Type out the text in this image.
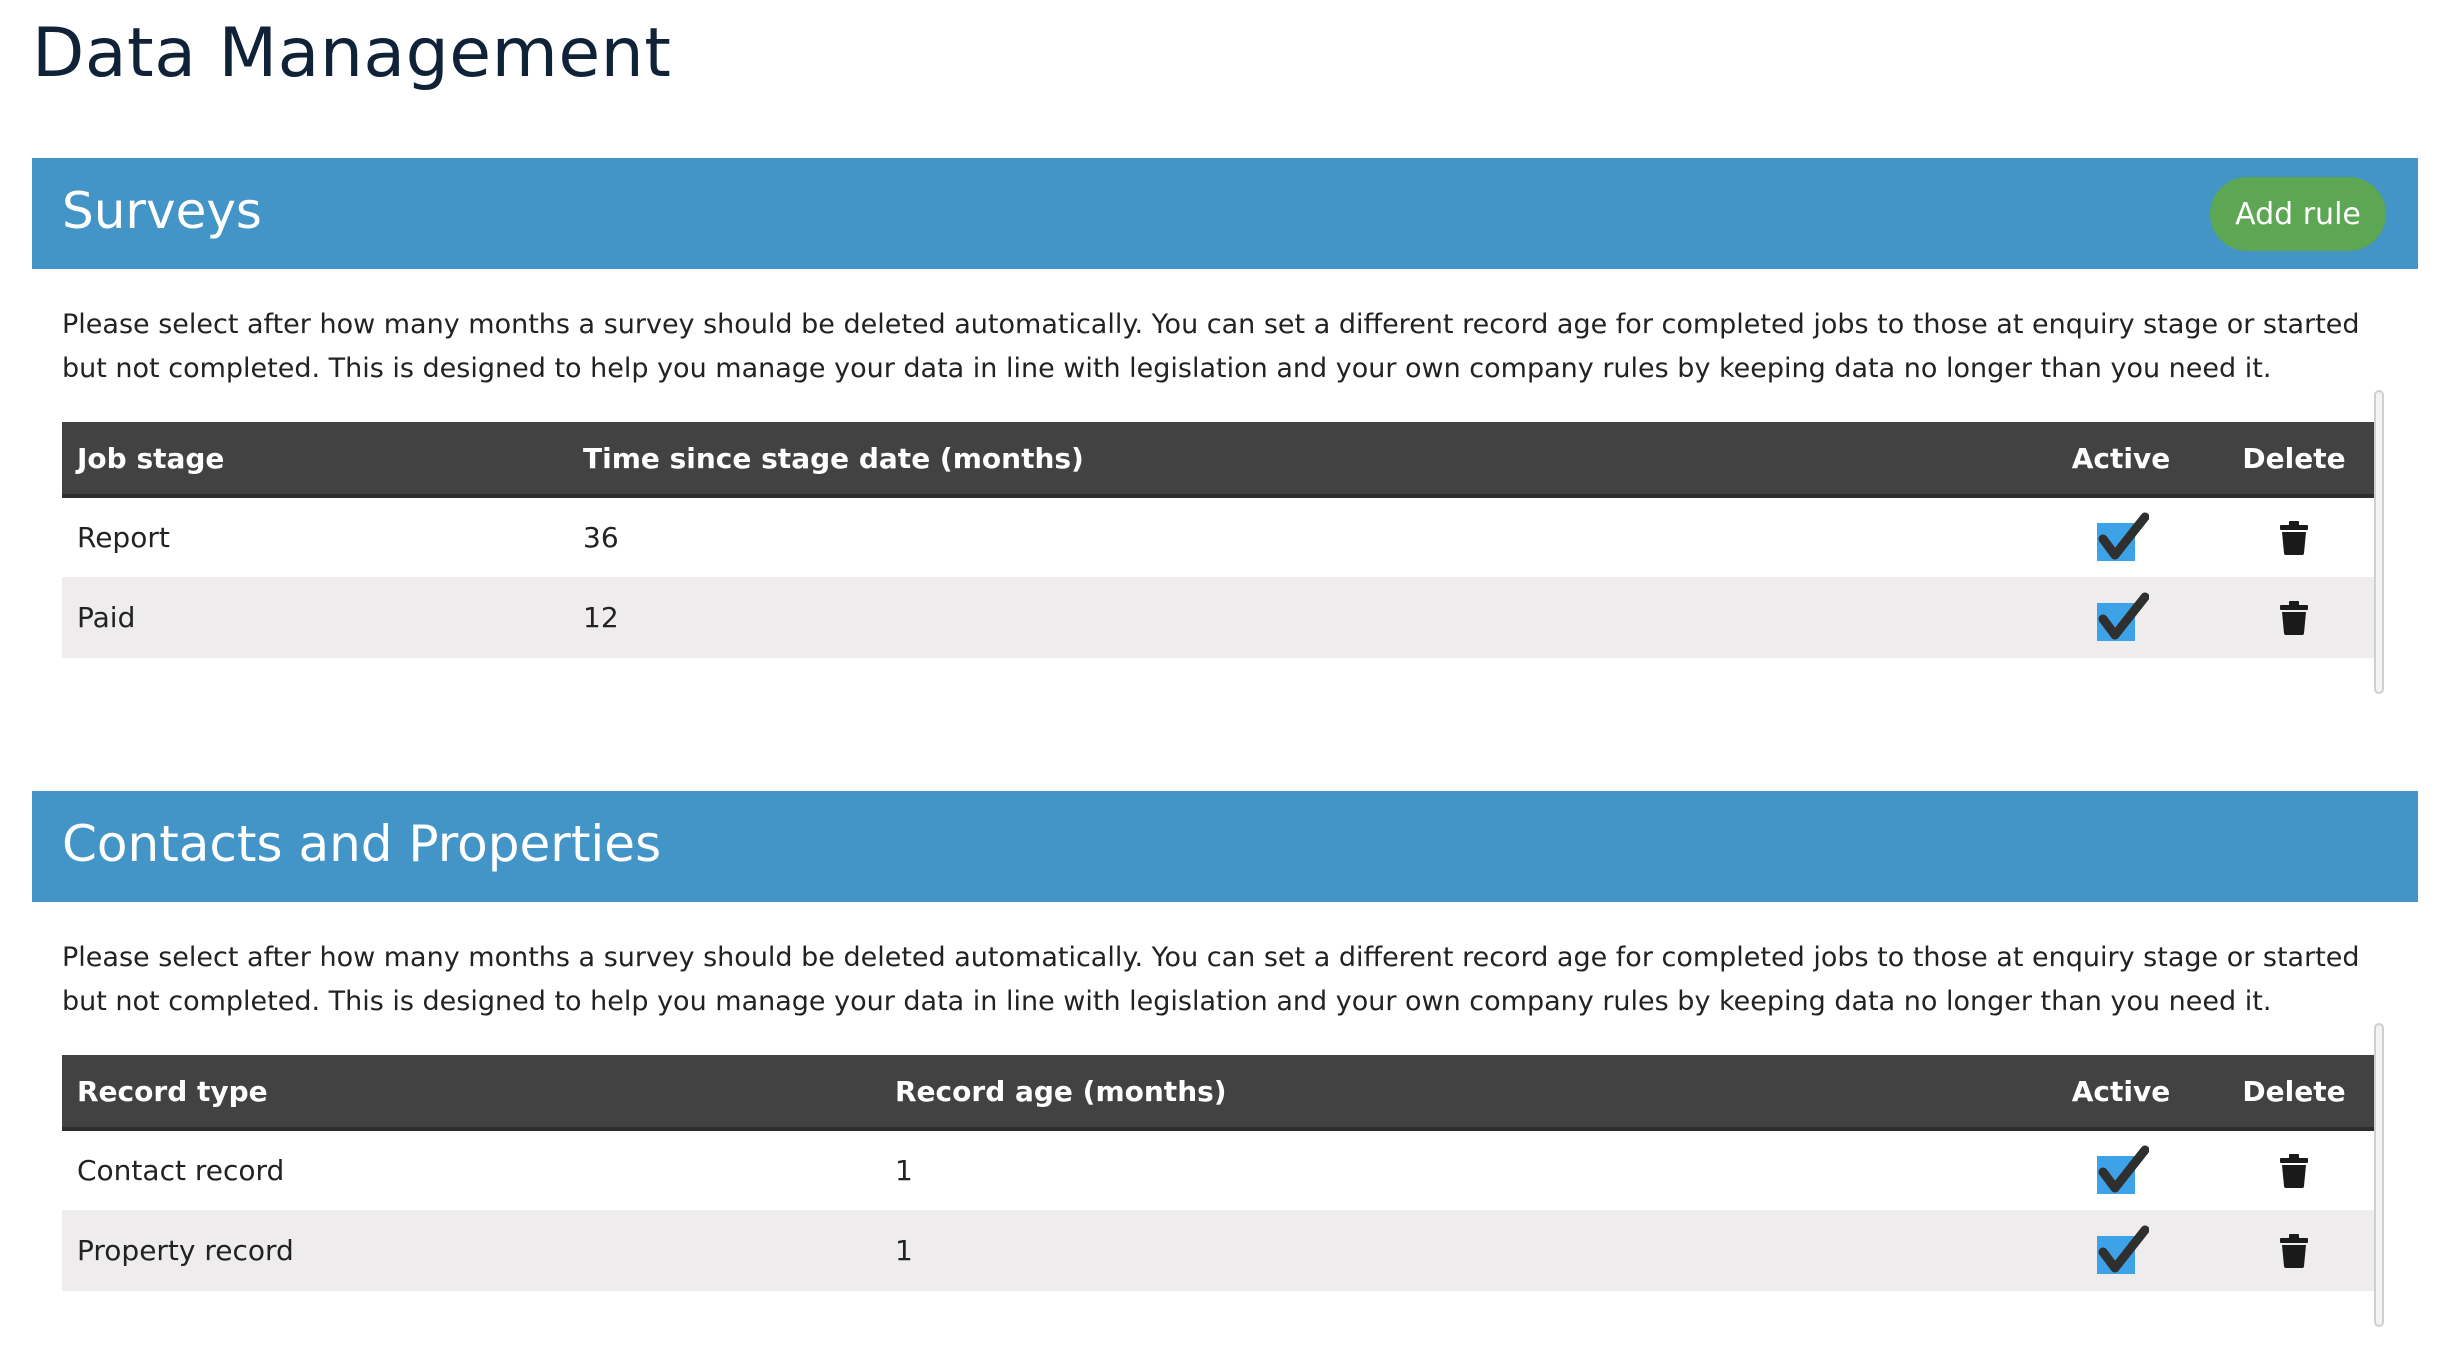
Data Management
Surveys	Add rule

Please select after how many months a survey should be deleted automatically. You can set a different record age for completed jobs to those at enquiry stage or started but not completed. This is designed to help you manage your data in line with legislation and your own company rules by keeping data no longer than you need it.

Job stage	Time since stage date (months)	Active	Delete
Report	36	

Paid	12	

Contacts and Properties

Please select after how many months a survey should be deleted automatically. You can set a different record age for completed jobs to those at enquiry stage or started but not completed. This is designed to help you manage your data in line with legislation and your own company rules by keeping data no longer than you need it.

Record type	Record age (months)	Active	Delete
Contact record	1	

Property record	1	
